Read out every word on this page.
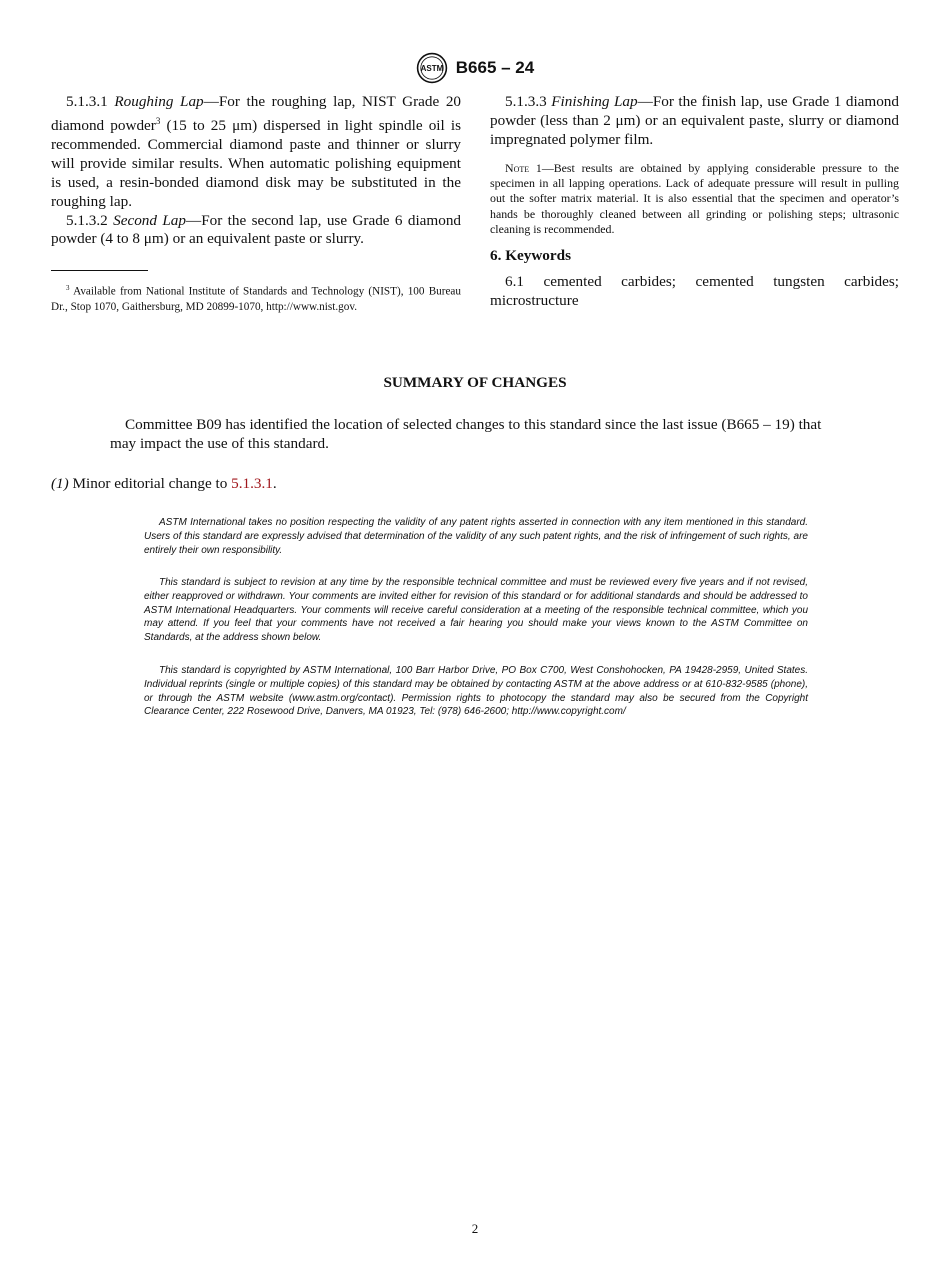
ASTM B665 – 24

5.1.3.1 Roughing Lap—For the roughing lap, NIST Grade 20 diamond powder$^3$ (15 to 25 μm) dispersed in light spindle oil is recommended. Commercial diamond paste and thinner or slurry will provide similar results. When automatic polishing equipment is used, a resin-bonded diamond disk may be substituted in the roughing lap.

5.1.3.2 Second Lap—For the second lap, use Grade 6 diamond powder (4 to 8 μm) or an equivalent paste or slurry.

$^3$ Available from National Institute of Standards and Technology (NIST), 100 Bureau Dr., Stop 1070, Gaithersburg, MD 20899-1070, http://www.nist.gov.

5.1.3.3 Finishing Lap—For the finish lap, use Grade 1 diamond powder (less than 2 μm) or an equivalent paste, slurry or diamond impregnated polymer film.

Note 1—Best results are obtained by applying considerable pressure to the specimen in all lapping operations. Lack of adequate pressure will result in pulling out the softer matrix material. It is also essential that the specimen and operator’s hands be thoroughly cleaned between all grinding or polishing steps; ultrasonic cleaning is recommended.
6. Keywords

6.1 cemented carbides; cemented tungsten carbides; microstructure

SUMMARY OF CHANGES
Committee B09 has identified the location of selected changes to this standard since the last issue (B665 – 19) that may impact the use of this standard.
(1) Minor editorial change to 5.1.3.1.
ASTM International takes no position respecting the validity of any patent rights asserted in connection with any item mentioned in this standard. Users of this standard are expressly advised that determination of the validity of any such patent rights, and the risk of infringement of such rights, are entirely their own responsibility.
This standard is subject to revision at any time by the responsible technical committee and must be reviewed every five years and if not revised, either reapproved or withdrawn. Your comments are invited either for revision of this standard or for additional standards and should be addressed to ASTM International Headquarters. Your comments will receive careful consideration at a meeting of the responsible technical committee, which you may attend. If you feel that your comments have not received a fair hearing you should make your views known to the ASTM Committee on Standards, at the address shown below.
This standard is copyrighted by ASTM International, 100 Barr Harbor Drive, PO Box C700, West Conshohocken, PA 19428-2959, United States. Individual reprints (single or multiple copies) of this standard may be obtained by contacting ASTM at the above address or at 610-832-9585 (phone), or through the ASTM website (www.astm.org/contact). Permission rights to photocopy the standard may also be secured from the Copyright Clearance Center, 222 Rosewood Drive, Danvers, MA 01923, Tel: (978) 646-2600; http://www.copyright.com/
2
